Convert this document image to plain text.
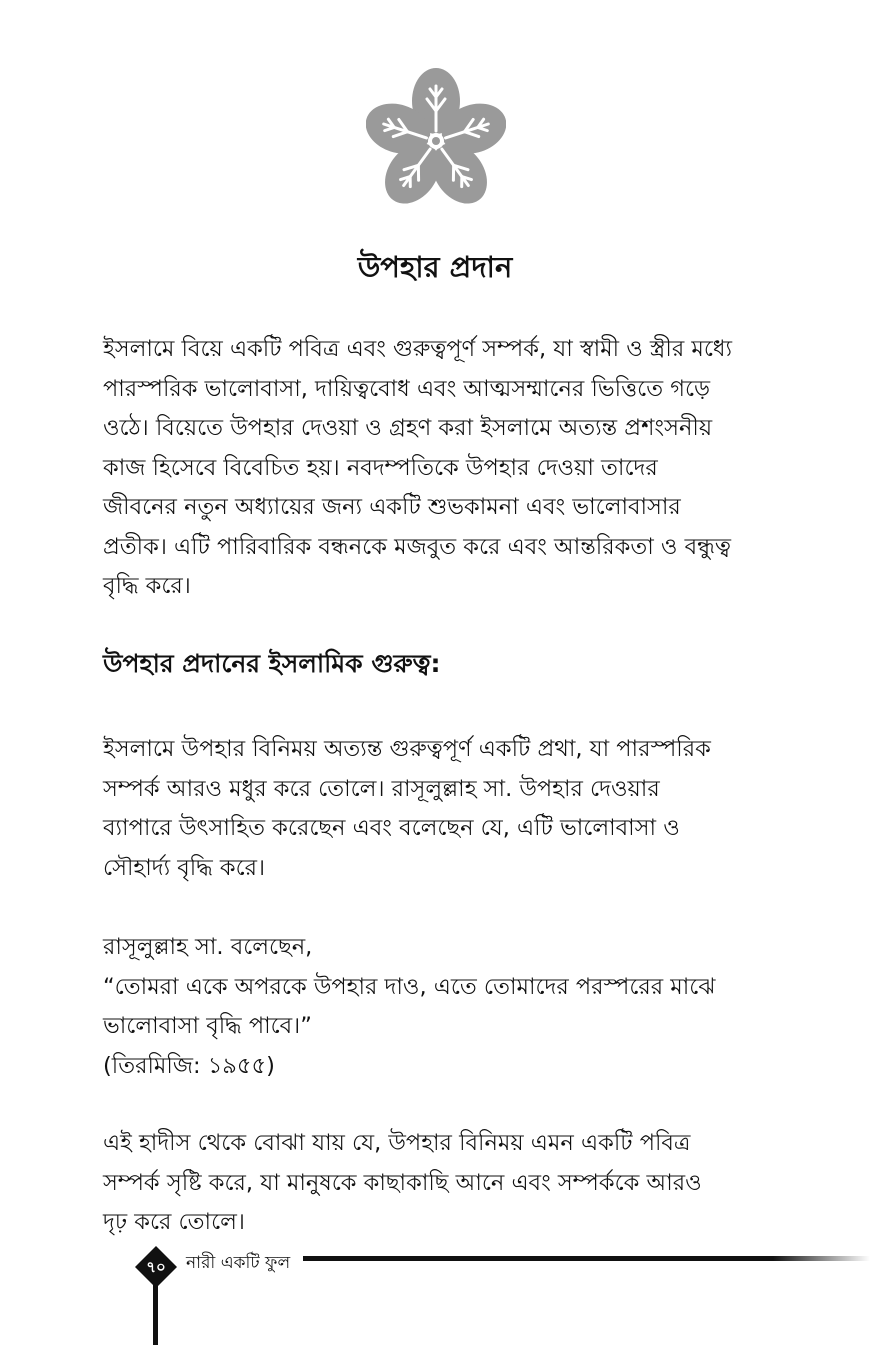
উপহার প্রদান

ইসলামে বিয়ে একটি পবিত্র এবং গুরুত্বপূর্ণ সম্পর্ক, যা স্বামী ও স্ত্রীর মধ্যে
পারস্পরিক ভালোবাসা, দায়িত্ববোধ এবং আত্মসম্মানের ভিত্তিতে গড়ে
ওঠে। বিয়েতে উপহার দেওয়া ও গ্রহণ করা ইসলামে অত্যন্ত প্রশংসনীয়
কাজ হিসেবে বিবেচিত হয়। নবদম্পতিকে উপহার দেওয়া তাদের
জীবনের নতুন অধ্যায়ের জন্য একটি শুভকামনা এবং ভালোবাসার
প্রতীক। এটি পারিবারিক বন্ধনকে মজবুত করে এবং আন্তরিকতা ও বন্ধুত্ব
বৃদ্ধি করে।

উপহার প্রদানের ইসলামিক গুরুত্ব:

ইসলামে উপহার বিনিময় অত্যন্ত গুরুত্বপূর্ণ একটি প্রথা, যা পারস্পরিক
সম্পর্ক আরও মধুর করে তোলে। রাসূলুল্লাহ সা. উপহার দেওয়ার
ব্যাপারে উৎসাহিত করেছেন এবং বলেছেন যে, এটি ভালোবাসা ও
সৌহার্দ্য বৃদ্ধি করে।

রাসূলুল্লাহ সা. বলেছেন,
“তোমরা একে অপরকে উপহার দাও, এতে তোমাদের পরস্পরের মাঝে
ভালোবাসা বৃদ্ধি পাবে।”
(তিরমিজি: ১৯৫৫)

এই হাদীস থেকে বোঝা যায় যে, উপহার বিনিময় এমন একটি পবিত্র
সম্পর্ক সৃষ্টি করে, যা মানুষকে কাছাকাছি আনে এবং সম্পর্ককে আরও
দৃঢ় করে তোলে।

৭০	নারী একটি ফুল
